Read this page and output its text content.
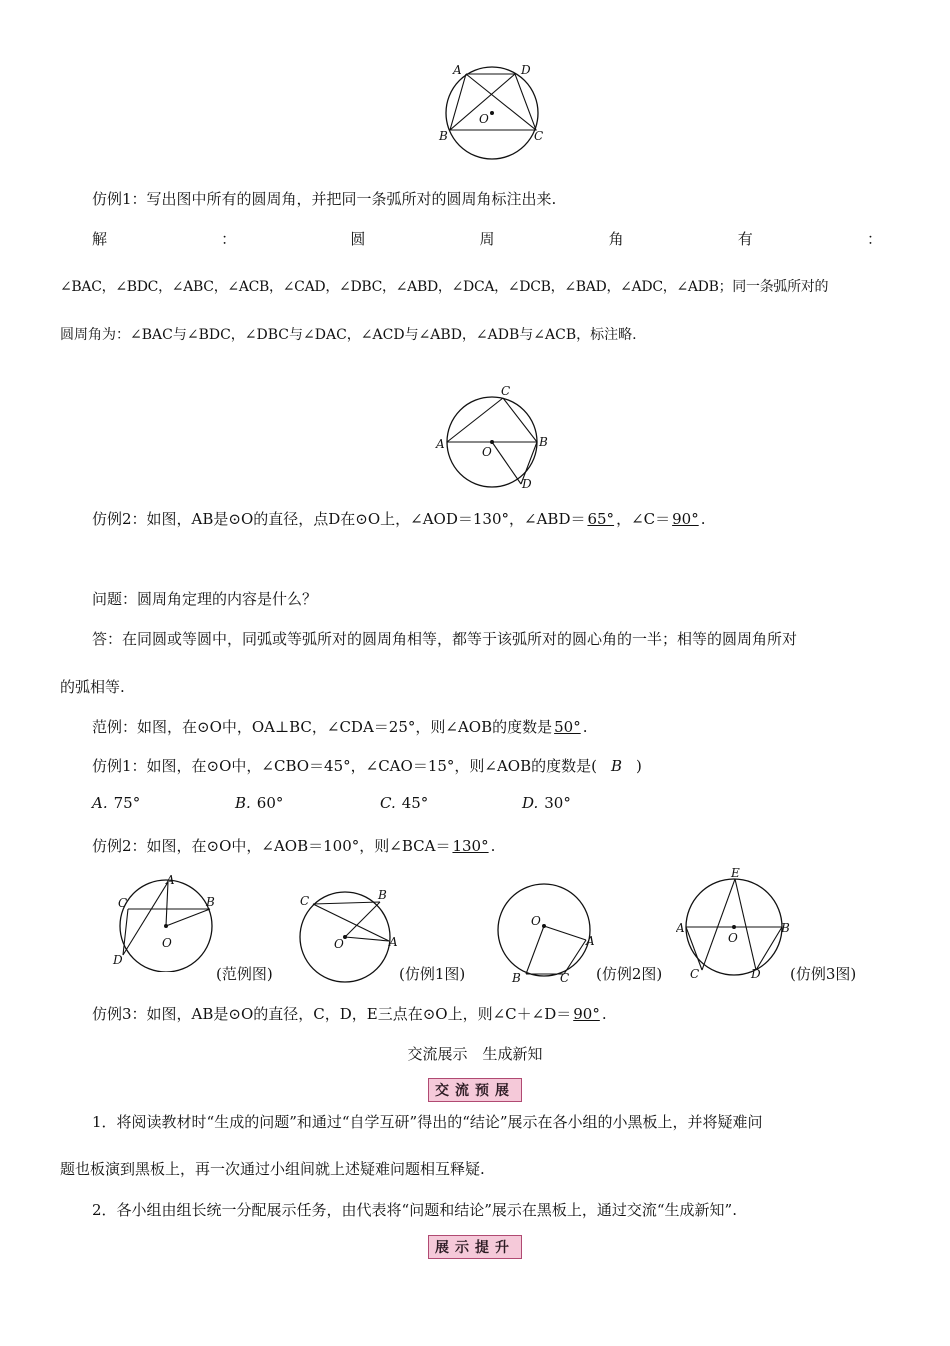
A	D
B	C
O
仿例1：写出图中所有的圆周角，并把同一条弧所对的圆周角标注出来.
解	：	圆	周	角	有	：
∠BAC，∠BDC，∠ABC，∠ACB，∠CAD，∠DBC，∠ABD，∠DCA，∠DCB，∠BAD，∠ADC，∠ADB；同一条弧所对的
圆周角为：∠BAC与∠BDC，∠DBC与∠DAC，∠ACD与∠ABD，∠ADB与∠ACB，标注略.
C
A	B
O
D
仿例2：如图，AB是⊙O的直径，点D在⊙O上，∠AOD＝130°，∠ABD＝ 65° ，∠C＝ 90° .
问题：圆周角定理的内容是什么？
答：在同圆或等圆中，同弧或等弧所对的圆周角相等，都等于该弧所对的圆心角的一半；相等的圆周角所对
的弧相等.
范例：如图，在⊙O中，OA⊥BC，∠CDA＝25°，则∠AOB的度数是 50° .
仿例1：如图，在⊙O中，∠CBO＝45°，∠CAO＝15°，则∠AOB的度数是( B )
A. 75°	B. 60°	C. 45°	D. 30°
仿例2：如图，在⊙O中，∠AOB＝100°，则∠BCA＝ 130° .
C
A
B
O
D
(范例图)
C	B
O	A
(仿例1图)
O
A
B	C (仿例2图)
E
A	B
O
C	D (仿例3图)
仿例3：如图，AB是⊙O的直径，C，D，E三点在⊙O上，则∠C＋∠D＝ 90° .
交流展示　生成新知
交流预展
1．将阅读教材时“生成的问题”和通过“自学互研”得出的“结论”展示在各小组的小黑板上，并将疑难问
题也板演到黑板上，再一次通过小组间就上述疑难问题相互释疑.
2．各小组由组长统一分配展示任务，由代表将“问题和结论”展示在黑板上，通过交流“生成新知”.
展示提升
